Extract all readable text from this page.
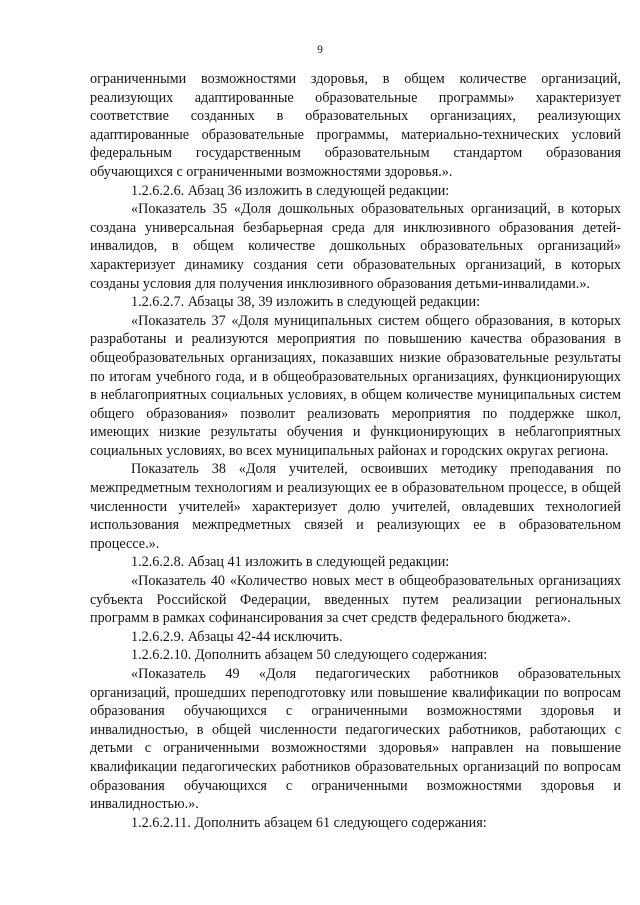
9

ограниченными возможностями здоровья, в общем количестве организаций, реализующих адаптированные образовательные программы» характеризует соответствие созданных в образовательных организациях, реализующих адаптированные образовательные программы, материально-технических условий федеральным государственным образовательным стандартом образования обучающихся с ограниченными возможностями здоровья.».

1.2.6.2.6. Абзац 36 изложить в следующей редакции:

«Показатель 35 «Доля дошкольных образовательных организаций, в которых создана универсальная безбарьерная среда для инклюзивного образования детей-инвалидов, в общем количестве дошкольных образовательных организаций» характеризует динамику создания сети образовательных организаций, в которых созданы условия для получения инклюзивного образования детьми-инвалидами.».

1.2.6.2.7. Абзацы 38, 39 изложить в следующей редакции:

«Показатель 37 «Доля муниципальных систем общего образования, в которых разработаны и реализуются мероприятия по повышению качества образования в общеобразовательных организациях, показавших низкие образовательные результаты по итогам учебного года, и в общеобразовательных организациях, функционирующих в неблагоприятных социальных условиях, в общем количестве муниципальных систем общего образования» позволит реализовать мероприятия по поддержке школ, имеющих низкие результаты обучения и функционирующих в неблагоприятных социальных условиях, во всех муниципальных районах и городских округах региона.

Показатель 38 «Доля учителей, освоивших методику преподавания по межпредметным технологиям и реализующих ее в образовательном процессе, в общей численности учителей» характеризует долю учителей, овладевших технологией использования межпредметных связей и реализующих ее в образовательном процессе.».

1.2.6.2.8. Абзац 41 изложить в следующей редакции:

«Показатель 40 «Количество новых мест в общеобразовательных организациях субъекта Российской Федерации, введенных путем реализации региональных программ в рамках софинансирования за счет средств федерального бюджета».

1.2.6.2.9. Абзацы 42-44 исключить.

1.2.6.2.10. Дополнить абзацем 50 следующего содержания:

«Показатель 49 «Доля педагогических работников образовательных организаций, прошедших переподготовку или повышение квалификации по вопросам образования обучающихся с ограниченными возможностями здоровья и инвалидностью, в общей численности педагогических работников, работающих с детьми с ограниченными возможностями здоровья» направлен на повышение квалификации педагогических работников образовательных организаций по вопросам образования обучающихся с ограниченными возможностями здоровья и инвалидностью.».

1.2.6.2.11. Дополнить абзацем 61 следующего содержания:
